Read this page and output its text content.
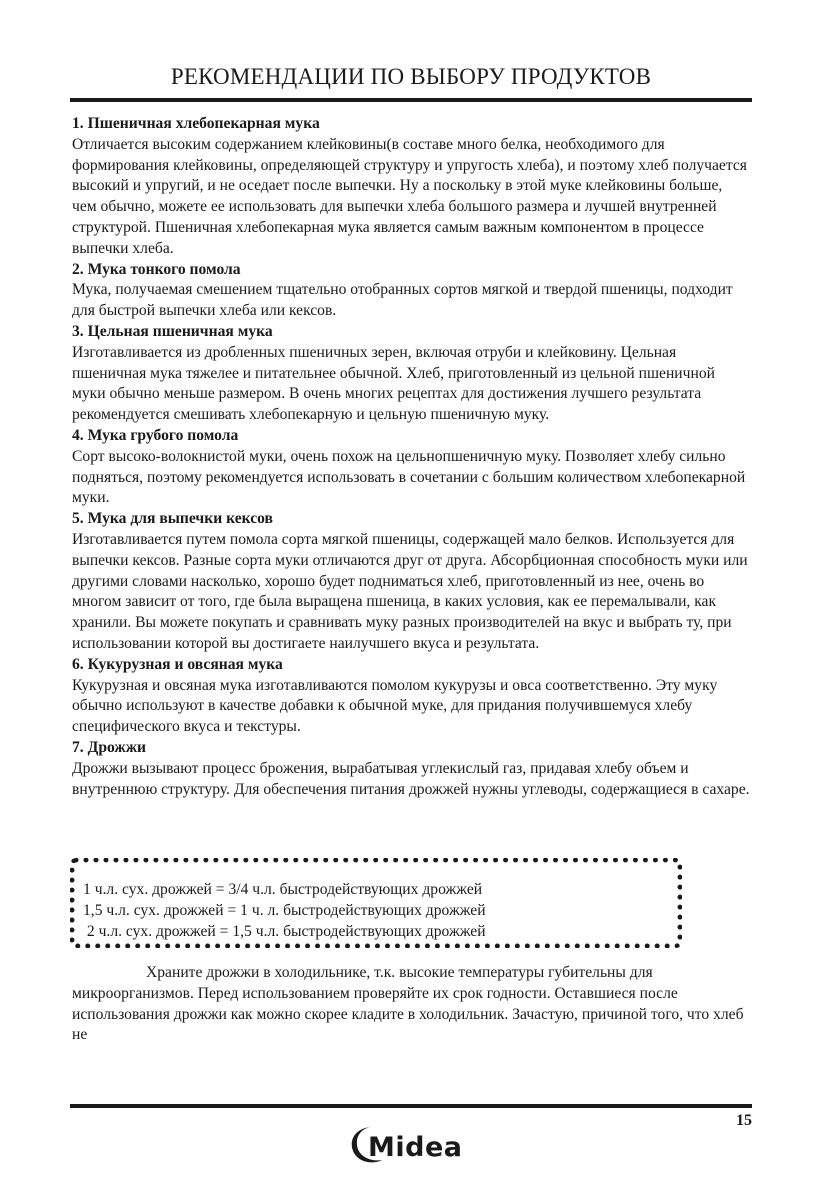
РЕКОМЕНДАЦИИ ПО ВЫБОРУ ПРОДУКТОВ
1. Пшеничная хлебопекарная мука

Отличается высоким содержанием клейковины(в составе много белка, необходимого для формирования клейковины, определяющей структуру и упругость хлеба), и поэтому хлеб получается высокий и упругий, и не оседает после выпечки. Ну а поскольку в этой муке клейковины больше, чем обычно, можете ее использовать для выпечки хлеба большого размера и лучшей внутренней структурой. Пшеничная хлебопекарная мука является самым важным компонентом в процессе выпечки хлеба.

2. Мука тонкого помола

Мука, получаемая смешением тщательно отобранных сортов мягкой и твердой пшеницы, подходит для быстрой выпечки хлеба или кексов.

3. Цельная пшеничная мука

Изготавливается из дробленных пшеничных зерен, включая отруби и клейковину. Цельная пшеничная мука тяжелее и питательнее обычной. Хлеб, приготовленный из цельной пшеничной муки обычно меньше размером. В очень многих рецептах для достижения лучшего результата рекомендуется смешивать хлебопекарную и цельную пшеничную муку.

4. Мука грубого помола

Сорт высоко-волокнистой муки, очень похож на цельнопшеничную муку. Позволяет хлебу сильно подняться, поэтому рекомендуется использовать в сочетании с большим количеством хлебопекарной муки.

5. Мука для выпечки кексов

Изготавливается путем помола сорта мягкой пшеницы, содержащей мало белков. Используется для выпечки кексов. Разные сорта муки отличаются друг от друга. Абсорбционная способность муки или другими словами насколько, хорошо будет подниматься хлеб, приготовленный из нее, очень во многом зависит от того, где была выращена пшеница, в каких условия, как ее перемалывали, как хранили. Вы можете покупать и сравнивать муку разных производителей на вкус и выбрать ту, при использовании которой вы достигаете наилучшего вкуса и результата.

6. Кукурузная и овсяная мука

Кукурузная и овсяная мука изготавливаются помолом кукурузы и овса соответственно. Эту муку обычно используют в качестве добавки к обычной муке, для придания получившемуся хлебу специфического вкуса и текстуры.

7. Дрожжи

Дрожжи вызывают процесс брожения, вырабатывая углекислый газ, придавая хлебу объем и внутреннюю структуру. Для обеспечения питания дрожжей нужны углеводы, содержащиеся в сахаре.

1 ч.л. сух. дрожжей = 3/4 ч.л. быстродействующих дрожжей
1,5 ч.л. сух. дрожжей = 1 ч. л. быстродействующих дрожжей
2 ч.л. сух. дрожжей = 1,5 ч.л. быстродействующих дрожжей

Храните дрожжи в холодильнике, т.к. высокие температуры губительны для микроорганизмов. Перед использованием проверяйте их срок годности. Оставшиеся после использования дрожжи как можно скорее кладите в холодильник. Зачастую, причиной того, что хлеб не

15
Midea
